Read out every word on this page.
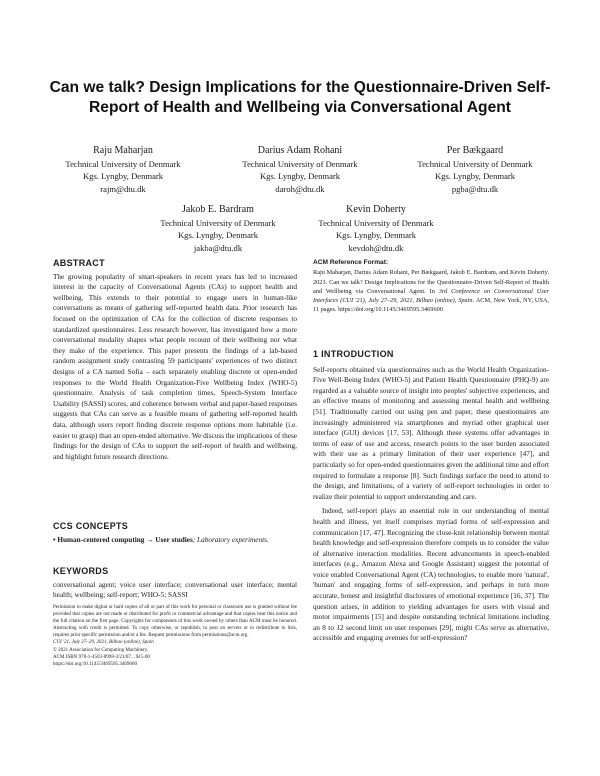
Can we talk? Design Implications for the Questionnaire-Driven Self-Report of Health and Wellbeing via Conversational Agent
Raju Maharjan
Technical University of Denmark
Kgs. Lyngby, Denmark
rajm@dtu.dk
Darius Adam Rohani
Technical University of Denmark
Kgs. Lyngby, Denmark
daroh@dtu.dk
Per Bækgaard
Technical University of Denmark
Kgs. Lyngby, Denmark
pgba@dtu.dk
Jakob E. Bardram
Technical University of Denmark
Kgs. Lyngby, Denmark
jakba@dtu.dk
Kevin Doherty
Technical University of Denmark
Kgs. Lyngby, Denmark
kevdoh@dtu.dk
ABSTRACT

The growing popularity of smart-speakers in recent years has led to increased interest in the capacity of Conversational Agents (CAs) to support health and wellbeing. This extends to their potential to engage users in human-like conversations as means of gathering self-reported health data. Prior research has focused on the optimization of CAs for the collection of discrete responses to standardized questionnaires. Less research however, has investigated how a more conversational modality shapes what people recount of their wellbeing nor what they make of the experience. This paper presents the findings of a lab-based random assignment study contrasting 59 participants' experiences of two distinct designs of a CA named Sofia – each separately enabling discrete or open-ended responses to the World Health Organization-Five Wellbeing Index (WHO-5) questionnaire. Analysis of task completion times, Speech-System Interface Usability (SASSI) scores, and coherence between verbal and paper-based responses suggests that CAs can serve as a feasible means of gathering self-reported health data, although users report finding discrete response options more habitable (i.e. easier to grasp) than an open-ended alternative. We discuss the implications of these findings for the design of CAs to support the self-report of health and wellbeing, and highlight future research directions.

CCS CONCEPTS

• Human-centered computing → User studies; Laboratory experiments.

KEYWORDS

conversational agent; voice user interface; conversational user interface; mental health; wellbeing; self-report; WHO-5; SASSI

Permission to make digital or hard copies of all or part of this work for personal or classroom use is granted without fee provided that copies are not made or distributed for profit or commercial advantage and that copies bear this notice and the full citation on the first page. Copyrights for components of this work owned by others than ACM must be honored. Abstracting with credit is permitted. To copy otherwise, or republish, to post on servers or to redistribute to lists, requires prior specific permission and/or a fee. Request permissions from permissions@acm.org.

CUI '21, July 27–29, 2021, Bilbao (online), Spain

© 2021 Association for Computing Machinery.

ACM ISBN 978-1-4503-8998-3/21/07... $15.00

https://doi.org/10.1145/3469595.3469600

ACM Reference Format:

Raju Maharjan, Darius Adam Rohani, Per Bækgaard, Jakob E. Bardram, and Kevin Doherty. 2021. Can we talk? Design Implications for the Questionnaire-Driven Self-Report of Health and Wellbeing via Conversational Agent. In 3rd Conference on Conversational User Interfaces (CUI '21), July 27–29, 2021, Bilbao (online), Spain. ACM, New York, NY, USA, 11 pages. https://doi.org/10.1145/3469595.3469600

1 INTRODUCTION

Self-reports obtained via questionnaires such as the World Health Organization-Five Well-Being Index (WHO-5) and Patient Health Questionnaire (PHQ-9) are regarded as a valuable source of insight into peoples' subjective experiences, and an effective means of monitoring and assessing mental health and wellbeing [51]. Traditionally carried out using pen and paper, these questionnaires are increasingly administered via smartphones and myriad other graphical user interface (GUI) devices [17, 53]. Although these systems offer advantages in terms of ease of use and access, research points to the user burden associated with their use as a primary limitation of their user experience [47], and particularly so for open-ended questionnaires given the additional time and effort required to formulate a response [8]. Such findings surface the need to attend to the design, and limitations, of a variety of self-report technologies in order to realize their potential to support understanding and care.

Indeed, self-report plays an essential role in our understanding of mental health and illness, yet itself comprises myriad forms of self-expression and communication [17, 47]. Recognizing the close-knit relationship between mental health knowledge and self-expression therefore compels us to consider the value of alternative interaction modalities. Recent advancements in speech-enabled interfaces (e.g., Amazon Alexa and Google Assistant) suggest the potential of voice enabled Conversational Agent (CA) technologies, to enable more 'natural', 'human' and engaging forms of self-expression, and perhaps in turn more accurate, honest and insightful disclosures of emotional experience [16, 37]. The question arises, in addition to yielding advantages for users with visual and motor impairments [15] and despite outstanding technical limitations including an 8 to 12 second limit on user responses [29], might CAs serve as alternative, accessible and engaging avenues for self-expression?
